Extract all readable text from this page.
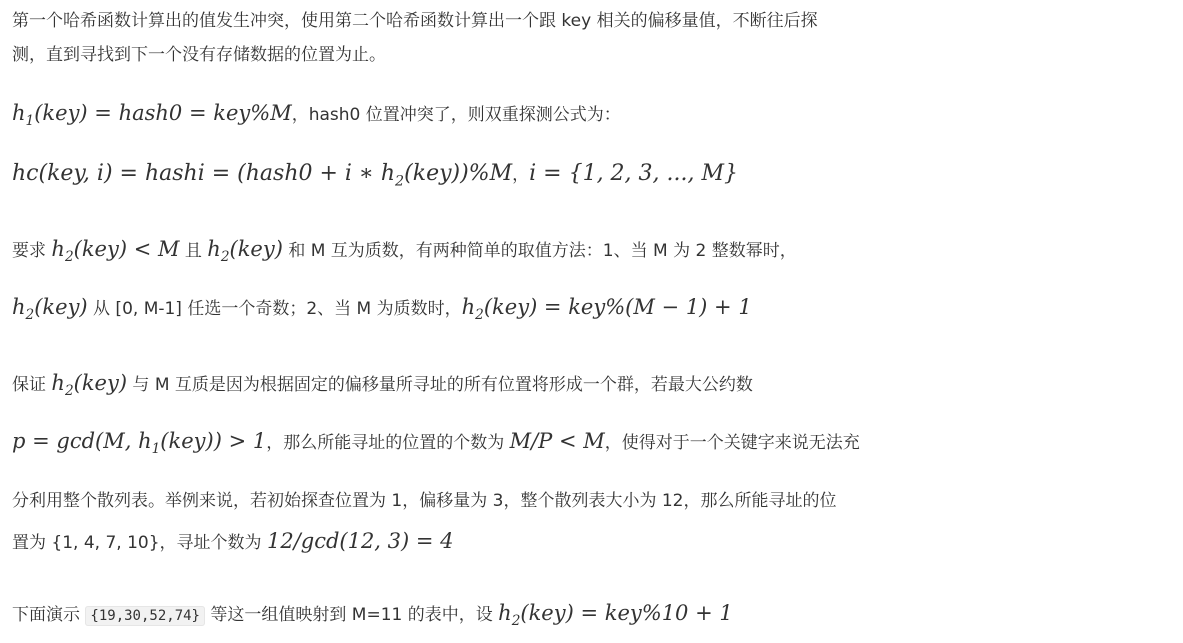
第一个哈希函数计算出的值发生冲突，使用第二个哈希函数计算出一个跟 key 相关的偏移量值，不断往后探
测，直到寻找到下一个没有存储数据的位置为止。
$h_1(key)$ = hash0 = key%M，hash0 位置冲突了，则双重探测公式为：
hc(key, i) = hashi = (hash0 + i ∗ $h_2(key))\%M$，i = {1, 2, 3, ..., M}
要求 $h_2(key) < M$ 且 $h_2(key)$ 和 M 互为质数，有两种简单的取值方法：1、当 M 为 2 整数幂时，
$h_2(key)$ 从 [0, M-1] 任选一个奇数；2、当 M 为质数时，$h_2(key) = key\%(M - 1) + 1$
保证 $h_2(key)$ 与 M 互质是因为根据固定的偏移量所寻址的所有位置将形成一个群，若最大公约数
p = gcd(M, $h_1(key)) > 1$，那么所能寻址的位置的个数为 M/P < M，使得对于一个关键字来说无法充
分利用整个散列表。举例来说，若初始探查位置为 1，偏移量为 3，整个散列表大小为 12，那么所能寻址的位
置为 {1, 4, 7, 10}，寻址个数为 12/gcd(12, 3) = 4
下面演示 {19,30,52,74} 等这一组值映射到 M=11 的表中，设 $h_2(key) = key\%10 + 1$
